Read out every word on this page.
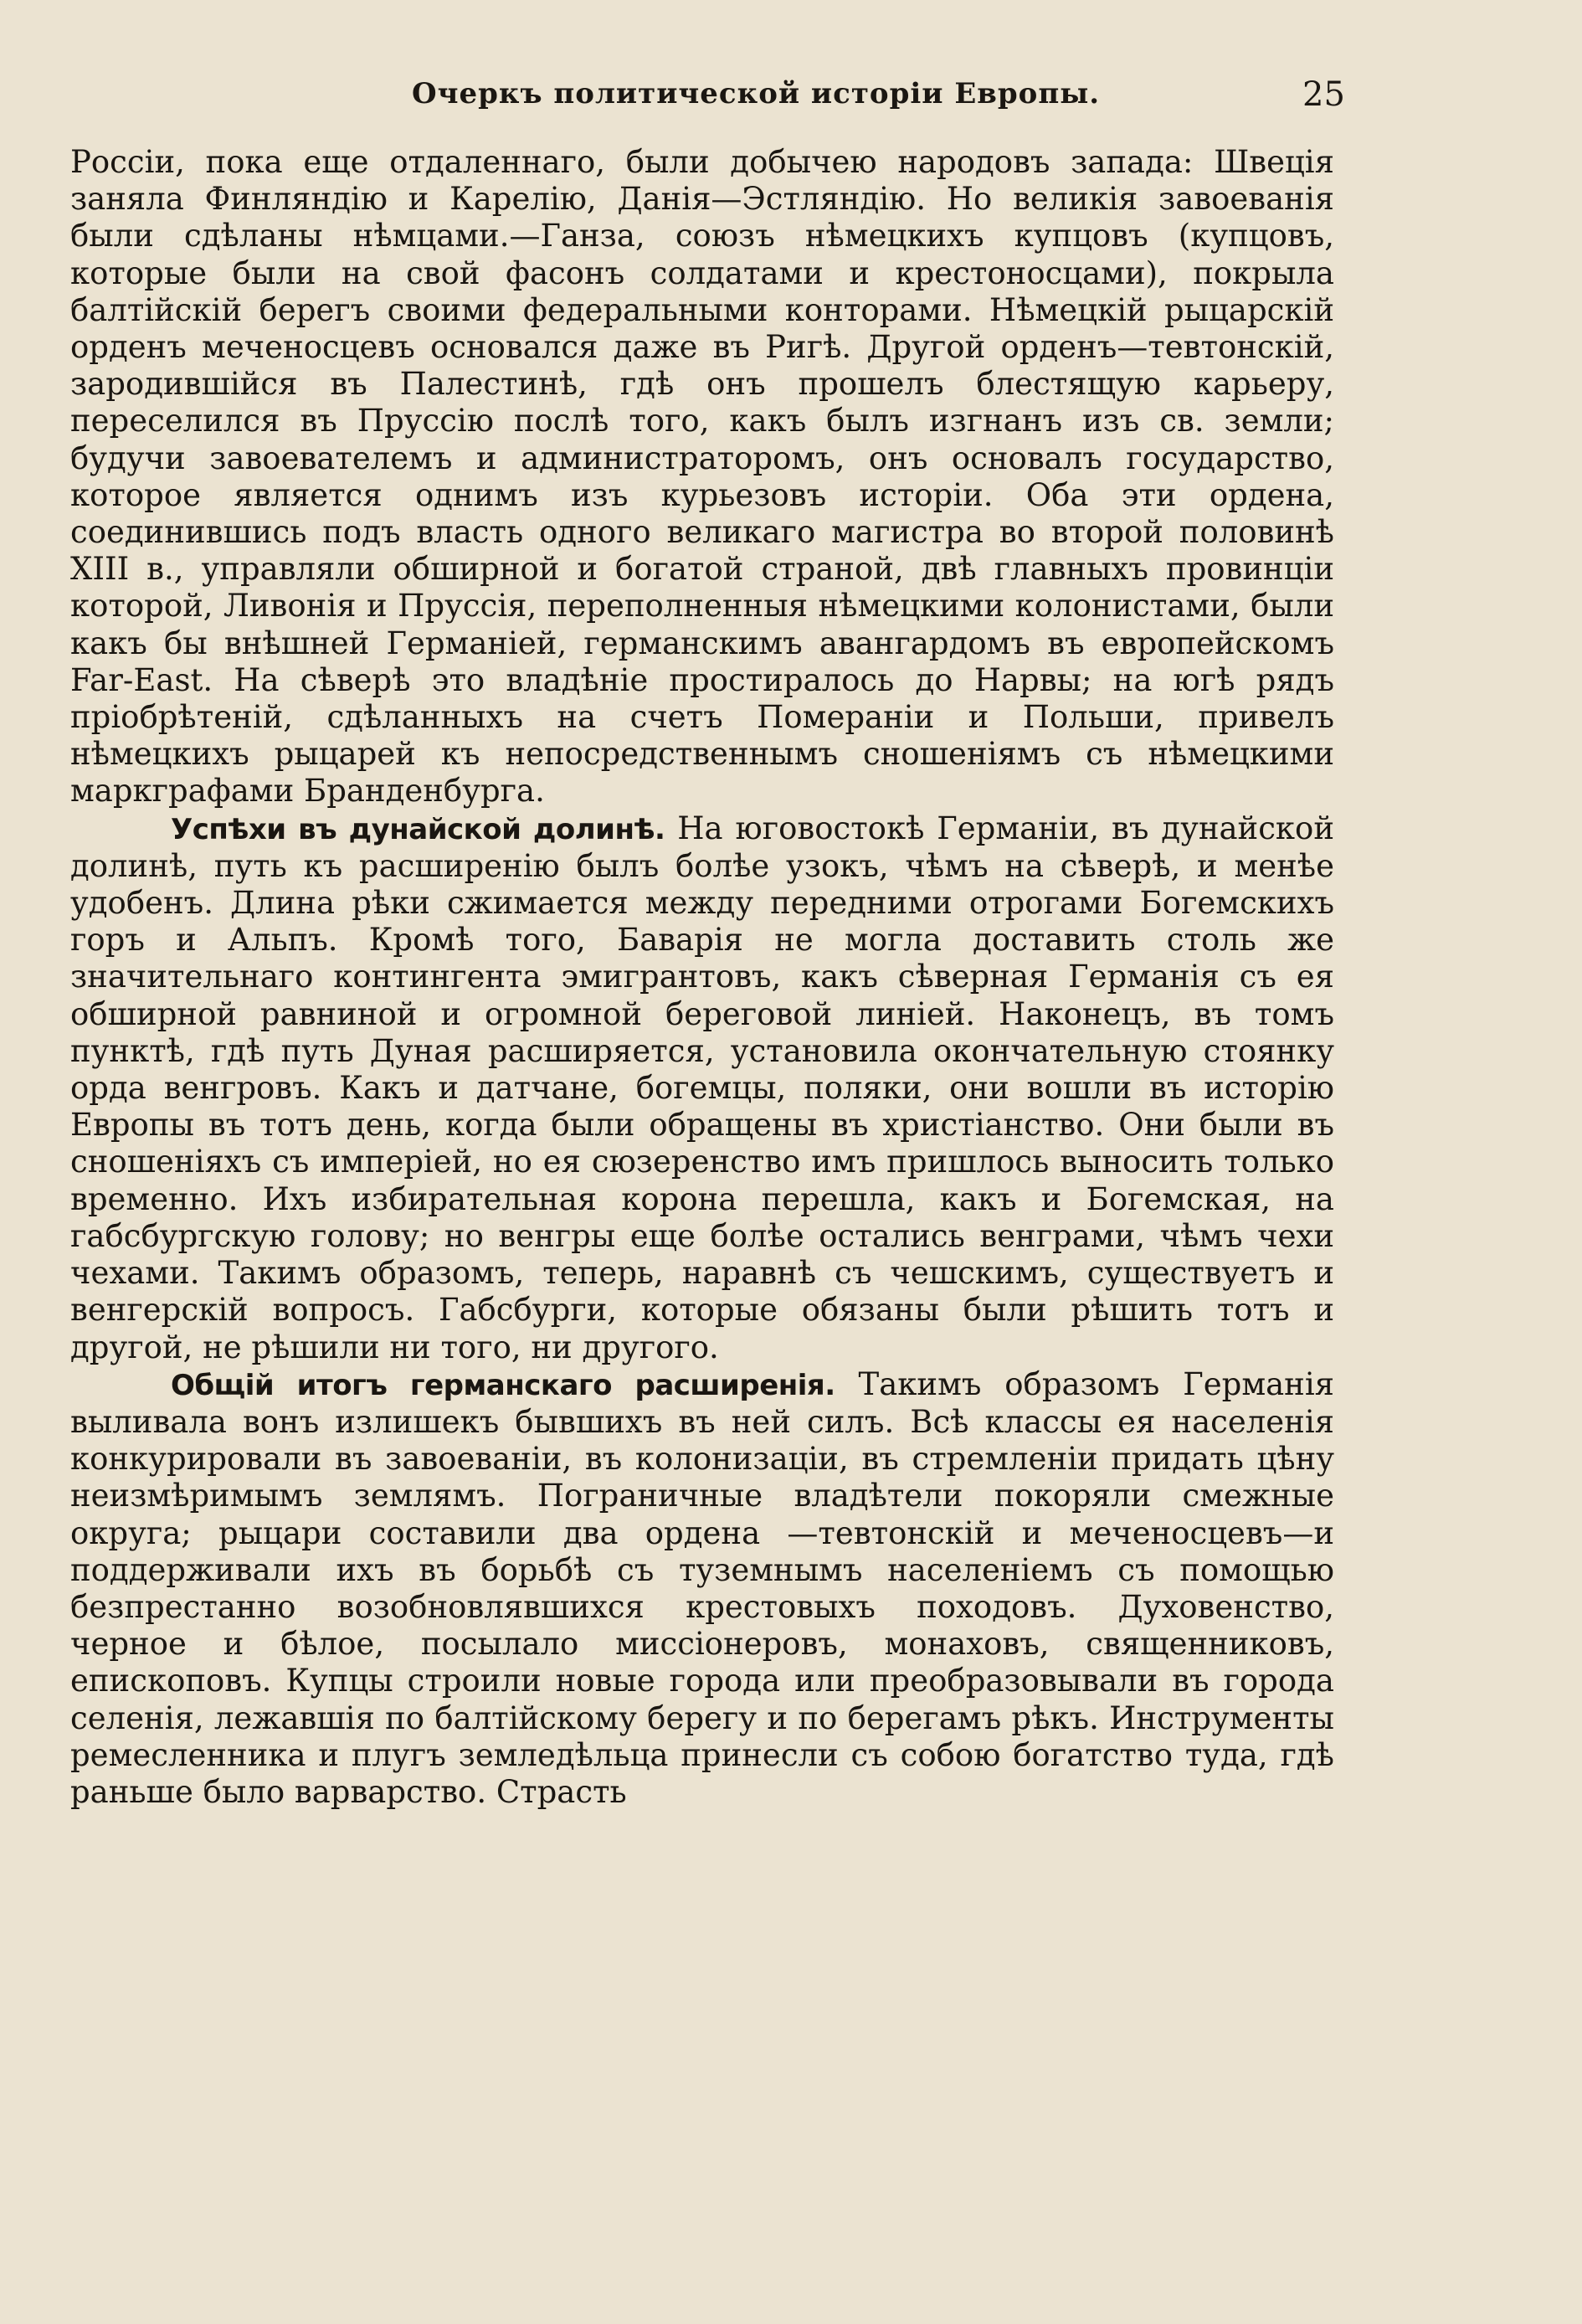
Очеркъ политической исторіи Европы.	25

Россіи, пока еще отдаленнаго, были добычею народовъ запада: Швеція заняла Финляндію и Карелію, Данія—Эстляндію. Но великія завоеванія были сдѣланы нѣмцами.—Ганза, союзъ нѣмецкихъ купцовъ (купцовъ, которые были на свой фасонъ солдатами и крестоносцами), покрыла балтійскій берегъ своими федеральными конторами. Нѣмецкій рыцарскій орденъ меченосцевъ основался даже въ Ригѣ. Другой орденъ—тевтонскій, зародившійся въ Палестинѣ, гдѣ онъ прошелъ блестящую карьеру, переселился въ Пруссію послѣ того, какъ былъ изгнанъ изъ св. земли; будучи завоевателемъ и администраторомъ, онъ основалъ государство, которое является однимъ изъ курьезовъ исторіи. Оба эти ордена, соединившись подъ власть одного великаго магистра во второй половинѣ XIII в., управляли обширной и богатой страной, двѣ главныхъ провинціи которой, Ливонія и Пруссія, переполненныя нѣмецкими колонистами, были какъ бы внѣшней Германіей, германскимъ авангардомъ въ европейскомъ Far-East. На сѣверѣ это владѣніе простиралось до Нарвы; на югѣ рядъ пріобрѣтеній, сдѣланныхъ на счетъ Помераніи и Польши, привелъ нѣмецкихъ рыцарей къ непосредственнымъ сношеніямъ съ нѣмецкими маркграфами Бранденбурга.

Успѣхи въ дунайской долинѣ. На юговостокѣ Германіи, въ дунайской долинѣ, путь къ расширенію былъ болѣе узокъ, чѣмъ на сѣверѣ, и менѣе удобенъ. Длина рѣки сжимается между передними отрогами Богемскихъ горъ и Альпъ. Кромѣ того, Баварія не могла доставить столь же значительнаго контингента эмигрантовъ, какъ сѣверная Германія съ ея обширной равниной и огромной береговой линіей. Наконецъ, въ томъ пунктѣ, гдѣ путь Дуная расширяется, установила окончательную стоянку орда венгровъ. Какъ и датчане, богемцы, поляки, они вошли въ исторію Европы въ тотъ день, когда были обращены въ христіанство. Они были въ сношеніяхъ съ имперіей, но ея сюзеренство имъ пришлось выносить только временно. Ихъ избирательная корона перешла, какъ и Богемская, на габсбургскую голову; но венгры еще болѣе остались венграми, чѣмъ чехи чехами. Такимъ образомъ, теперь, наравнѣ съ чешскимъ, существуетъ и венгерскій вопросъ. Габсбурги, которые обязаны были рѣшить тотъ и другой, не рѣшили ни того, ни другого.

Общій итогъ германскаго расширенія. Такимъ образомъ Германія выливала вонъ излишекъ бывшихъ въ ней силъ. Всѣ классы ея населенія конкурировали въ завоеваніи, въ колонизаціи, въ стремленіи придать цѣну неизмѣримымъ землямъ. Пограничные владѣтели покоряли смежные округа; рыцари составили два ордена —тевтонскій и меченосцевъ—и поддерживали ихъ въ борьбѣ съ туземнымъ населеніемъ съ помощью безпрестанно возобновлявшихся крестовыхъ походовъ. Духовенство, черное и бѣлое, посылало миссіонеровъ, монаховъ, священниковъ, епископовъ. Купцы строили новые города или преобразовывали въ города селенія, лежавшія по балтійскому берегу и по берегамъ рѣкъ. Инструменты ремесленника и плугъ земледѣльца принесли съ собою богатство туда, гдѣ раньше было варварство. Страсть
